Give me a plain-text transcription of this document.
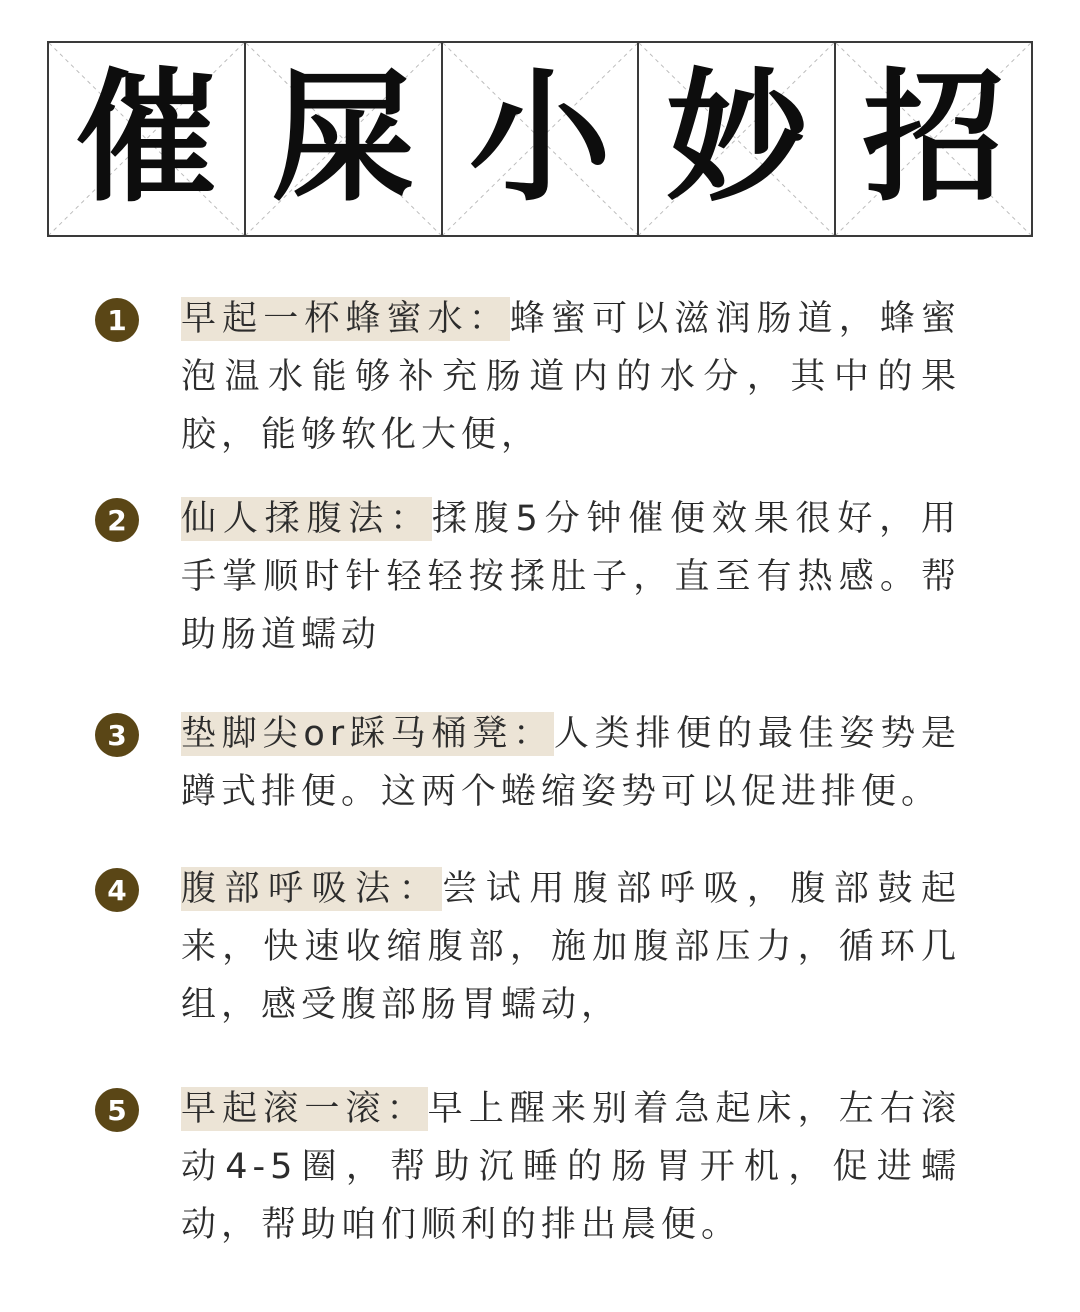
催 屎 小 妙 招
1	早起一杯蜂蜜水：蜂蜜可以滋润肠道，蜂蜜泡温水能够补充肠道内的水分，其中的果胶，能够软化大便，
2	仙人揉腹法：揉腹5分钟催便效果很好，用手掌顺时针轻轻按揉肚子，直至有热感。帮助肠道蠕动
3	垫脚尖or踩马桶凳：人类排便的最佳姿势是蹲式排便。这两个蜷缩姿势可以促进排便。
4	腹部呼吸法：尝试用腹部呼吸，腹部鼓起来，快速收缩腹部，施加腹部压力，循环几组，感受腹部肠胃蠕动，
5	早起滚一滚：早上醒来别着急起床，左右滚动4-5圈，帮助沉睡的肠胃开机，促进蠕动，帮助咱们顺利的排出晨便。
